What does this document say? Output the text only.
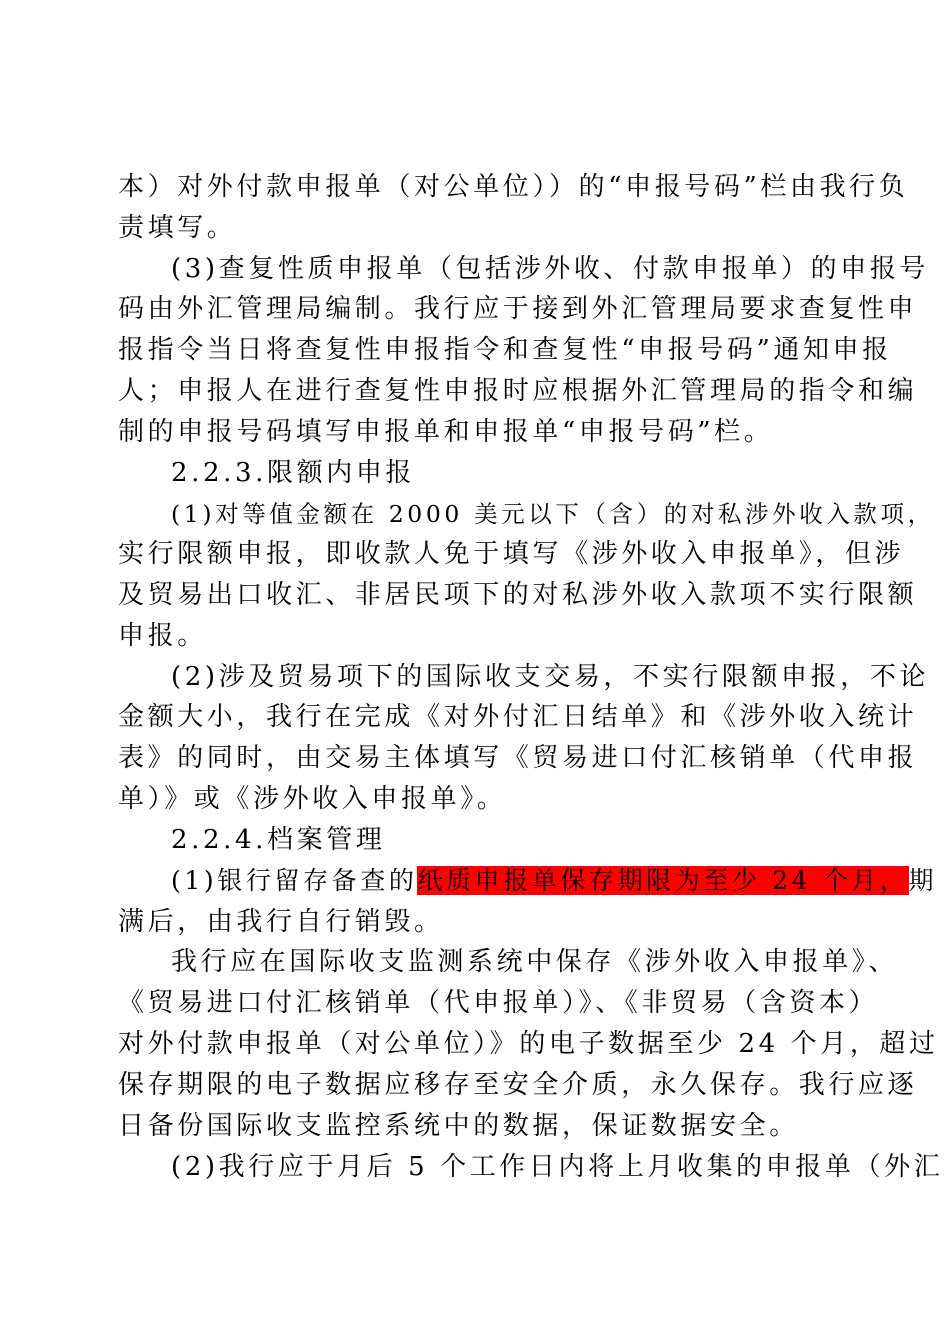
本）对外付款申报单（对公单位））的“申报号码”栏由我行负
责填写。
(3)查复性质申报单（包括涉外收、付款申报单）的申报号
码由外汇管理局编制。我行应于接到外汇管理局要求查复性申
报指令当日将查复性申报指令和查复性“申报号码”通知申报
人；申报人在进行查复性申报时应根据外汇管理局的指令和编
制的申报号码填写申报单和申报单“申报号码”栏。
2.2.3.限额内申报
(1)对等值金额在 2000 美元以下（含）的对私涉外收入款项，
实行限额申报，即收款人免于填写《涉外收入申报单》，但涉
及贸易出口收汇、非居民项下的对私涉外收入款项不实行限额
申报。
(2)涉及贸易项下的国际收支交易，不实行限额申报，不论
金额大小，我行在完成《对外付汇日结单》和《涉外收入统计
表》的同时，由交易主体填写《贸易进口付汇核销单（代申报
单）》或《涉外收入申报单》。
2.2.4.档案管理
(1)银行留存备查的纸质申报单保存期限为至少 24 个月，期
满后，由我行自行销毁。
我行应在国际收支监测系统中保存《涉外收入申报单》、
《贸易进口付汇核销单（代申报单）》、《非贸易（含资本）
对外付款申报单（对公单位）》的电子数据至少 24 个月，超过
保存期限的电子数据应移存至安全介质，永久保存。我行应逐
日备份国际收支监控系统中的数据，保证数据安全。
(2)我行应于月后 5 个工作日内将上月收集的申报单（外汇
